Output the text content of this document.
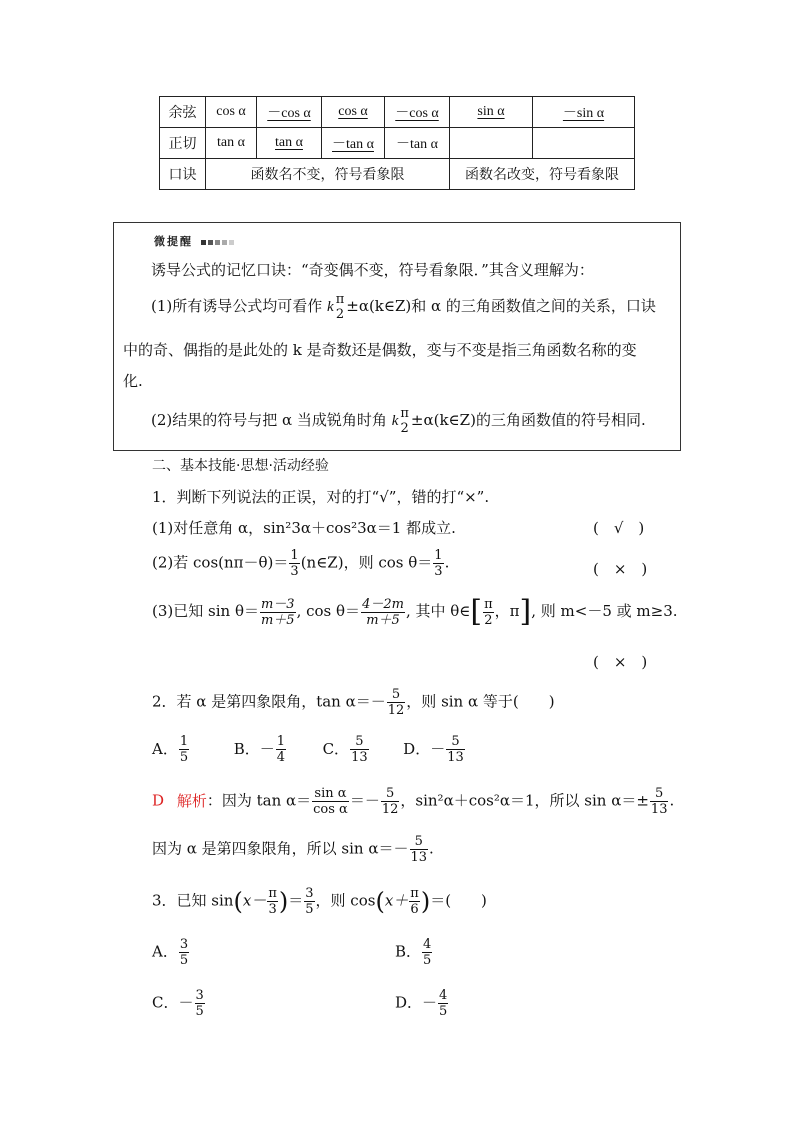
余弦	cos α	－cos α	cos α	－cos α	sin α	－sin α
正切	tan α	tan α	－tan α	－tan α		
口诀	函数名不变，符号看象限				函数名改变，符号看象限	
微提醒
诱导公式的记忆口诀：“奇变偶不变，符号看象限．”其含义理解为：
(1)所有诱导公式均可看作 k π
2 ±α(k∈Z)和 α 的三角函数值之间的关系，口诀
中的奇、偶指的是此处的 k 是奇数还是偶数，变与不变是指三角函数名称的变
化.
(2)结果的符号与把 α 当成锐角时角 k π
2 ±α(k∈Z)的三角函数值的符号相同.
二、基本技能·思想·活动经验
1．判断下列说法的正误，对的打“√”，错的打“×”.
(1)对任意角 α，sin²3α＋cos²3α＝1 都成立.	(　√　)
(2)若 $\cos(n\pi-\theta)= \frac{1}{3}$ (n∈Z)，则 $\cos \theta= \frac{1}{3}$ .	(　×　)
(3)已知 $\sin \theta= \frac{m-3}{m+5}$ , $\cos \theta= \frac{4-2m}{m+5}$ , 其中 θ∈[ $\frac{\pi}{2}$ ，π], 则 m<－5 或 m≥3.
(　×　)
2．若 α 是第四象限角，$\tan \alpha=- \frac{5}{12}$ ，则 sin α 等于(　　)
A． $\frac{1}{5}$	B．－ $\frac{1}{4}$ C． $\frac{5}{13}$ D．－ $\frac{5}{13}$
D 解析：因为 $\tan \alpha= \frac{\text{sin α}}{\text{cos α}} =- \frac{5}{12}$ ，sin²α＋cos²α＝1，所以 $\sin \alpha=\pm \frac{5}{13}$ .
因为 α 是第四象限角，所以 $\sin \alpha=- \frac{5}{13}$ .
3．已知 $\sin(x- \frac{\pi}{3}$ )＝ $\frac{3}{5}$ ，则 $\cos(x+ \frac{\pi}{6}$ )＝(　　)
A． $\frac{3}{5}$	B． $\frac{4}{5}$
C．－ $\frac{3}{5}$	D．－ $\frac{4}{5}$
